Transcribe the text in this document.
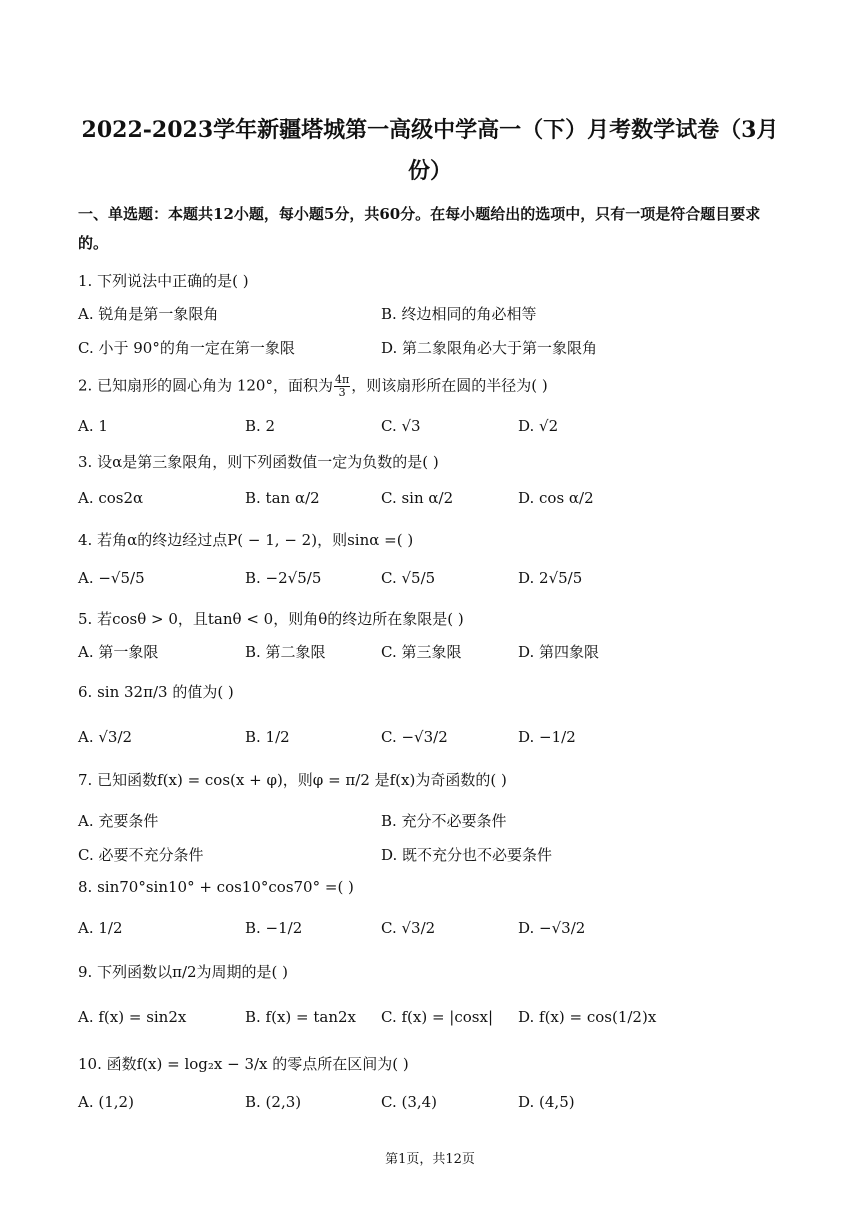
2022-2023学年新疆塔城第一高级中学高一（下）月考数学试卷（3月
份）
一、单选题：本题共12小题，每小题5分，共60分。在每小题给出的选项中，只有一项是符合题目要求的。
1. 下列说法中正确的是( )
A. 锐角是第一象限角	B. 终边相同的角必相等
C. 小于 90°的角一定在第一象限	D. 第二象限角必大于第一象限角
2. 已知扇形的圆心角为 120°，面积为 $\frac{4\pi}{3}$ ，则该扇形所在圆的半径为( )
A. 1	B. 2	C. √3	D. √2
3. 设α是第三象限角，则下列函数值一定为负数的是( )
A. cos2α	B. tan α/2	C. sin α/2	D. cos α/2
4. 若角α的终边经过点P( − 1, − 2)，则sinα =( )
A. −√5/5	B. −2√5/5	C. √5/5	D. 2√5/5
5. 若cosθ > 0，且tanθ < 0，则角θ的终边所在象限是( )
A. 第一象限	B. 第二象限	C. 第三象限	D. 第四象限
6. sin 32π/3 的值为( )
A. √3/2	B. 1/2	C. −√3/2	D. −1/2
7. 已知函数f(x) = cos(x + φ)，则φ = π/2 是f(x)为奇函数的( )
A. 充要条件	B. 充分不必要条件
C. 必要不充分条件	D. 既不充分也不必要条件
8. sin70°sin10° + cos10°cos70° =( )
A. 1/2	B. −1/2	C. √3/2	D. −√3/2
9. 下列函数以π/2为周期的是( )
A. f(x) = sin2x	B. f(x) = tan2x C. f(x) = |cosx| D. f(x) = cos(1/2)x
10. 函数f(x) = log₂x − 3/x 的零点所在区间为( )
A. (1,2)	B. (2,3)	C. (3,4)	D. (4,5)
第1页，共12页
